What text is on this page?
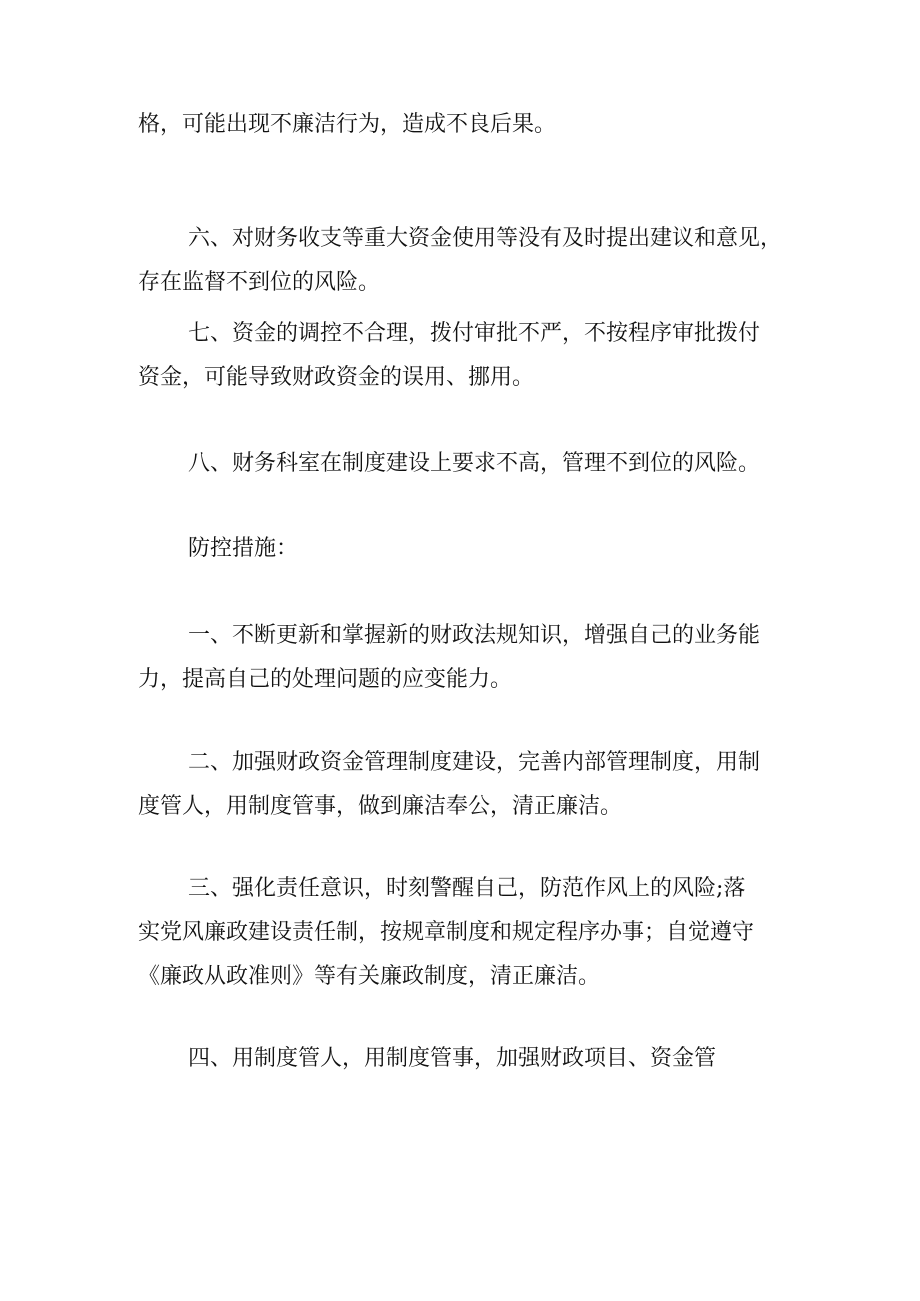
格，可能出现不廉洁行为，造成不良后果。

六、对财务收支等重大资金使用等没有及时提出建议和意见，
存在监督不到位的风险。

七、资金的调控不合理，拨付审批不严，不按程序审批拨付
资金，可能导致财政资金的误用、挪用。

八、财务科室在制度建设上要求不高，管理不到位的风险。

防控措施：

一、不断更新和掌握新的财政法规知识，增强自己的业务能
力，提高自己的处理问题的应变能力。

二、加强财政资金管理制度建设，完善内部管理制度，用制
度管人，用制度管事，做到廉洁奉公，清正廉洁。

三、强化责任意识，时刻警醒自己，防范作风上的风险;落
实党风廉政建设责任制，按规章制度和规定程序办事；自觉遵守
《廉政从政准则》等有关廉政制度，清正廉洁。

四、用制度管人，用制度管事，加强财政项目、资金管
